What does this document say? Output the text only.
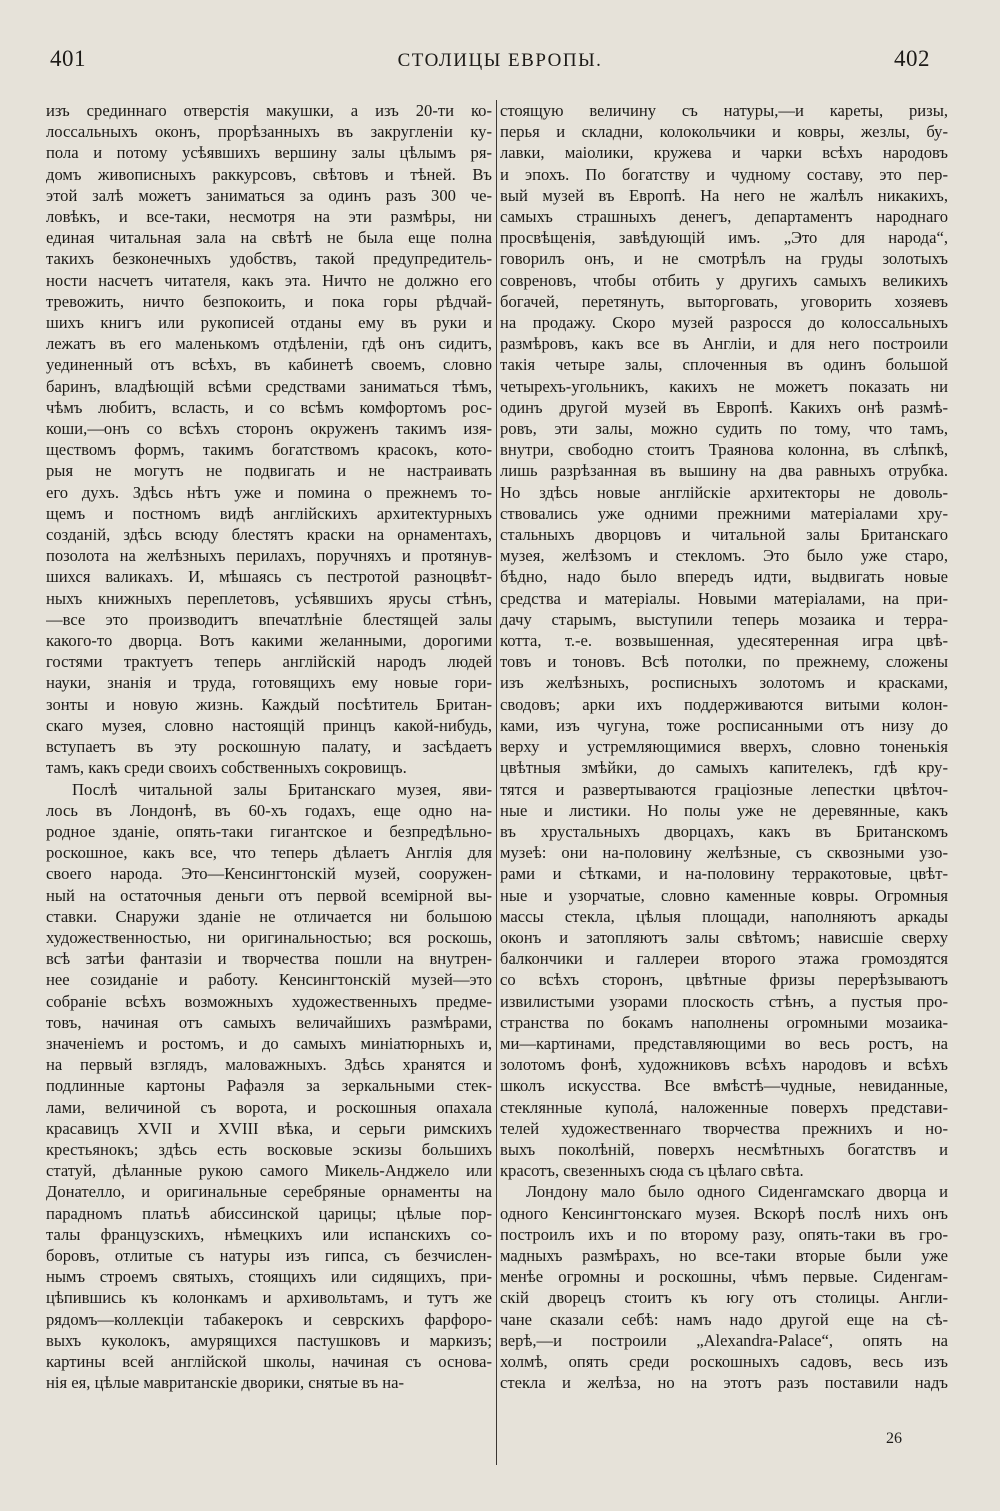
401	СТОЛИЦЫ ЕВРОПЫ.	402
изъ срединнаго отверстія макушки, а изъ 20-ти ко-
лоссальныхъ оконъ, прорѣзанныхъ въ закругленіи ку-
пола и потому усѣявшихъ вершину залы цѣлымъ ря-
домъ живописныхъ раккурсовъ, свѣтовъ и тѣней. Въ
этой залѣ можетъ заниматься за одинъ разъ 300 че-
ловѣкъ, и все-таки, несмотря на эти размѣры, ни
единая читальная зала на свѣтѣ не была еще полна
такихъ безконечныхъ удобствъ, такой предупредитель-
ности насчетъ читателя, какъ эта. Ничто не должно его
тревожить, ничто безпокоить, и пока горы рѣдчай-
шихъ книгъ или рукописей отданы ему въ руки и
лежатъ въ его маленькомъ отдѣленіи, гдѣ онъ сидитъ,
уединенный отъ всѣхъ, въ кабинетѣ своемъ, словно
баринъ, владѣющій всѣми средствами заниматься тѣмъ,
чѣмъ любитъ, всласть, и со всѣмъ комфортомъ рос-
коши,—онъ со всѣхъ сторонъ окруженъ такимъ изя-
ществомъ формъ, такимъ богатствомъ красокъ, кото-
рыя не могутъ не подвигать и не настраивать
его духъ. Здѣсь нѣтъ уже и помина о прежнемъ то-
щемъ и постномъ видѣ англійскихъ архитектурныхъ
созданій, здѣсь всюду блестятъ краски на орнаментахъ,
позолота на желѣзныхъ перилахъ, поручняхъ и протянув-
шихся валикахъ. И, мѣшаясь съ пестротой разноцвѣт-
ныхъ книжныхъ переплетовъ, усѣявшихъ ярусы стѣнъ,
—все это производитъ впечатлѣніе блестящей залы
какого-то дворца. Вотъ какими желанными, дорогими
гостями трактуетъ теперь англійскій народъ людей
науки, знанія и труда, готовящихъ ему новые гори-
зонты и новую жизнь. Каждый посѣтитель Британ-
скаго музея, словно настоящій принцъ какой-нибудь,
вступаетъ въ эту роскошную палату, и засѣдаетъ
тамъ, какъ среди своихъ собственныхъ сокровищъ.
Послѣ читальной залы Британскаго музея, яви-
лось въ Лондонѣ, въ 60-хъ годахъ, еще одно на-
родное зданіе, опять-таки гигантское и безпредѣльно-
роскошное, какъ все, что теперь дѣлаетъ Англія для
своего народа. Это—Кенсингтонскій музей, сооружен-
ный на остаточныя деньги отъ первой всемірной вы-
ставки. Снаружи зданіе не отличается ни большою
художественностью, ни оригинальностью; вся роскошь,
всѣ затѣи фантазіи и творчества пошли на внутрен-
нее созиданіе и работу. Кенсингтонскій музей—это
собраніе всѣхъ возможныхъ художественныхъ предме-
товъ, начиная отъ самыхъ величайшихъ размѣрами,
значеніемъ и ростомъ, и до самыхъ миніатюрныхъ и,
на первый взглядъ, маловажныхъ. Здѣсь хранятся и
подлинные картоны Рафаэля за зеркальными стек-
лами, величиной съ ворота, и роскошныя опахала
красавицъ XVII и XVIII вѣка, и серьги римскихъ
крестьянокъ; здѣсь есть восковые эскизы большихъ
статуй, дѣланные рукою самого Микель-Анджело или
Донателло, и оригинальные серебряные орнаменты на
парадномъ платьѣ абиссинской царицы; цѣлые пор-
талы французскихъ, нѣмецкихъ или испанскихъ со-
боровъ, отлитые съ натуры изъ гипса, съ безчислен-
нымъ строемъ святыхъ, стоящихъ или сидящихъ, при-
цѣпившись къ колонкамъ и архивольтамъ, и тутъ же
рядомъ—коллекціи табакерокъ и севрскихъ фарфоро-
выхъ куколокъ, амурящихся пастушковъ и маркизъ;
картины всей англійской школы, начиная съ основа-
нія ея, цѣлые мавританскіе дворики, снятые въ на-
стоящую величину съ натуры,—и кареты, ризы,
перья и складни, колокольчики и ковры, жезлы, бу-
лавки, маіолики, кружева и чарки всѣхъ народовъ
и эпохъ. По богатству и чудному составу, это пер-
вый музей въ Европѣ. На него не жалѣлъ никакихъ,
самыхъ страшныхъ денегъ, департаментъ народнаго
просвѣщенія, завѣдующій имъ. „Это для народа“,
говорилъ онъ, и не смотрѣлъ на груды золотыхъ
совреновъ, чтобы отбить у другихъ самыхъ великихъ
богачей, перетянуть, выторговать, уговорить хозяевъ
на продажу. Скоро музей разросся до колоссальныхъ
размѣровъ, какъ все въ Англіи, и для него построили
такія четыре залы, сплоченныя въ одинъ большой
четырехъ-угольникъ, какихъ не можетъ показать ни
одинъ другой музей въ Европѣ. Какихъ онѣ размѣ-
ровъ, эти залы, можно судить по тому, что тамъ,
внутри, свободно стоитъ Траянова колонна, въ слѣпкѣ,
лишь разрѣзанная въ вышину на два равныхъ отрубка.
Но здѣсь новые англійскіе архитекторы не доволь-
ствовались уже одними прежними матеріалами хру-
стальныхъ дворцовъ и читальной залы Британскаго
музея, желѣзомъ и стекломъ. Это было уже старо,
бѣдно, надо было впередъ идти, выдвигать новые
средства и матеріалы. Новыми матеріалами, на при-
дачу старымъ, выступили теперь мозаика и терра-
котта, т.-е. возвышенная, удесятеренная игра цвѣ-
товъ и тоновъ. Всѣ потолки, по прежнему, сложены
изъ желѣзныхъ, росписныхъ золотомъ и красками,
сводовъ; арки ихъ поддерживаются витыми колон-
ками, изъ чугуна, тоже росписанными отъ низу до
верху и устремляющимися вверхъ, словно тоненькія
цвѣтныя змѣйки, до самыхъ капителекъ, гдѣ кру-
тятся и развертываются граціозные лепестки цвѣточ-
ные и листики. Но полы уже не деревянные, какъ
въ хрустальныхъ дворцахъ, какъ въ Британскомъ
музеѣ: они на-половину желѣзные, съ сквозными узо-
рами и сѣтками, и на-половину терракотовые, цвѣт-
ные и узорчатые, словно каменные ковры. Огромныя
массы стекла, цѣлыя площади, наполняютъ аркады
оконъ и затопляютъ залы свѣтомъ; нависшіе сверху
балкончики и галлереи второго этажа громоздятся
со всѣхъ сторонъ, цвѣтные фризы перерѣзываютъ
извилистыми узорами плоскость стѣнъ, а пустыя про-
странства по бокамъ наполнены огромными мозаика-
ми—картинами, представляющими во весь ростъ, на
золотомъ фонѣ, художниковъ всѣхъ народовъ и всѣхъ
школъ искусства. Все вмѣстѣ—чудные, невиданные,
стеклянные куполá, наложенные поверхъ представи-
телей художественнаго творчества прежнихъ и но-
выхъ поколѣній, поверхъ несмѣтныхъ богатствъ и
красотъ, свезенныхъ сюда съ цѣлаго свѣта.
Лондону мало было одного Сиденгамскаго дворца и
одного Кенсингтонскаго музея. Вскорѣ послѣ нихъ онъ
построилъ ихъ и по второму разу, опять-таки въ гро-
мадныхъ размѣрахъ, но все-таки вторые были уже
менѣе огромны и роскошны, чѣмъ первые. Сиденгам-
скій дворецъ стоитъ къ югу отъ столицы. Англи-
чане сказали себѣ: намъ надо другой еще на сѣ-
верѣ,—и построили „Alexandra-Palace“, опять на
холмѣ, опять среди роскошныхъ садовъ, весь изъ
стекла и желѣза, но на этотъ разъ поставили надъ
26
